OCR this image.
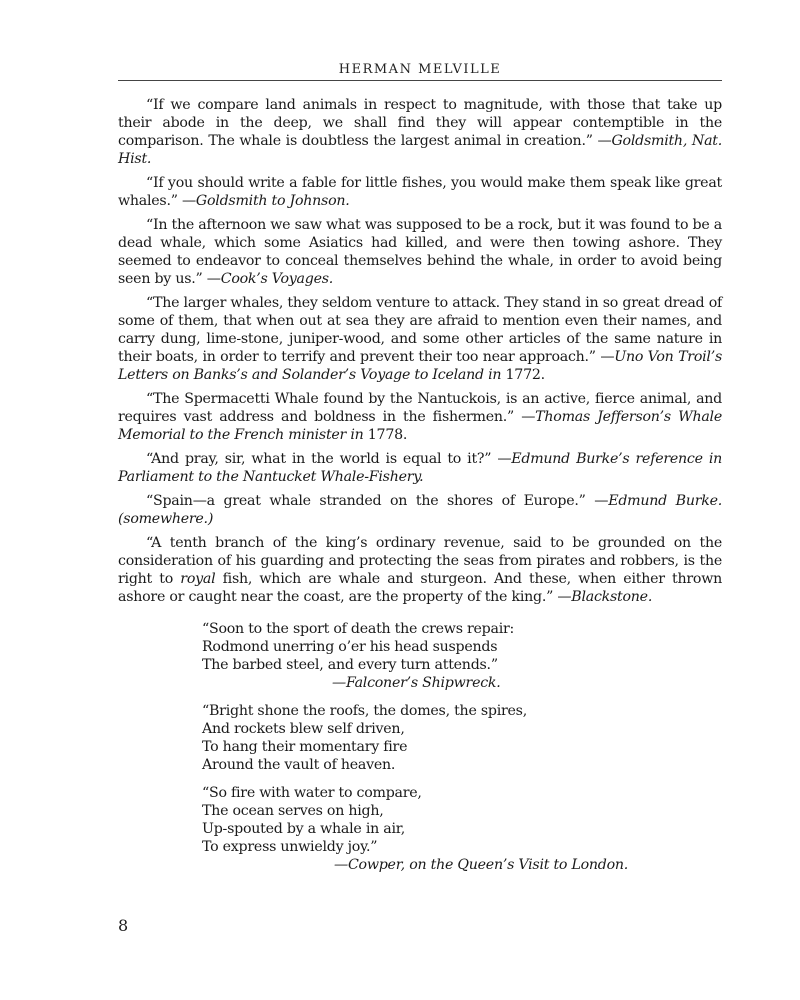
HERMAN MELVILLE

“If we compare land animals in respect to magnitude, with those that take up their abode in the deep, we shall find they will appear contemptible in the comparison. The whale is doubtless the largest animal in creation.” —Goldsmith, Nat. Hist.

“If you should write a fable for little fishes, you would make them speak like great whales.” —Goldsmith to Johnson.

“In the afternoon we saw what was supposed to be a rock, but it was found to be a dead whale, which some Asiatics had killed, and were then towing ashore. They seemed to endeavor to conceal themselves behind the whale, in order to avoid being seen by us.” —Cook’s Voyages.

“The larger whales, they seldom venture to attack. They stand in so great dread of some of them, that when out at sea they are afraid to mention even their names, and carry dung, lime-stone, juniper-wood, and some other articles of the same nature in their boats, in order to terrify and prevent their too near approach.” —Uno Von Troil’s Letters on Banks’s and Solander’s Voyage to Iceland in 1772.

“The Spermacetti Whale found by the Nantuckois, is an active, fierce animal, and requires vast address and boldness in the fishermen.” —Thomas Jefferson’s Whale Memorial to the French minister in 1778.

“And pray, sir, what in the world is equal to it?” —Edmund Burke’s reference in Parliament to the Nantucket Whale-Fishery.

“Spain—a great whale stranded on the shores of Europe.” —Edmund Burke. (somewhere.)

“A tenth branch of the king’s ordinary revenue, said to be grounded on the consideration of his guarding and protecting the seas from pirates and robbers, is the right to royal fish, which are whale and sturgeon. And these, when either thrown ashore or caught near the coast, are the property of the king.” —Blackstone.

“Soon to the sport of death the crews repair:
Rodmond unerring o’er his head suspends
The barbed steel, and every turn attends.”
—Falconer’s Shipwreck.
“Bright shone the roofs, the domes, the spires,
And rockets blew self driven,
To hang their momentary fire
Around the vault of heaven.
“So fire with water to compare,
The ocean serves on high,
Up-spouted by a whale in air,
To express unwieldy joy.”
—Cowper, on the Queen’s Visit to London.
8
